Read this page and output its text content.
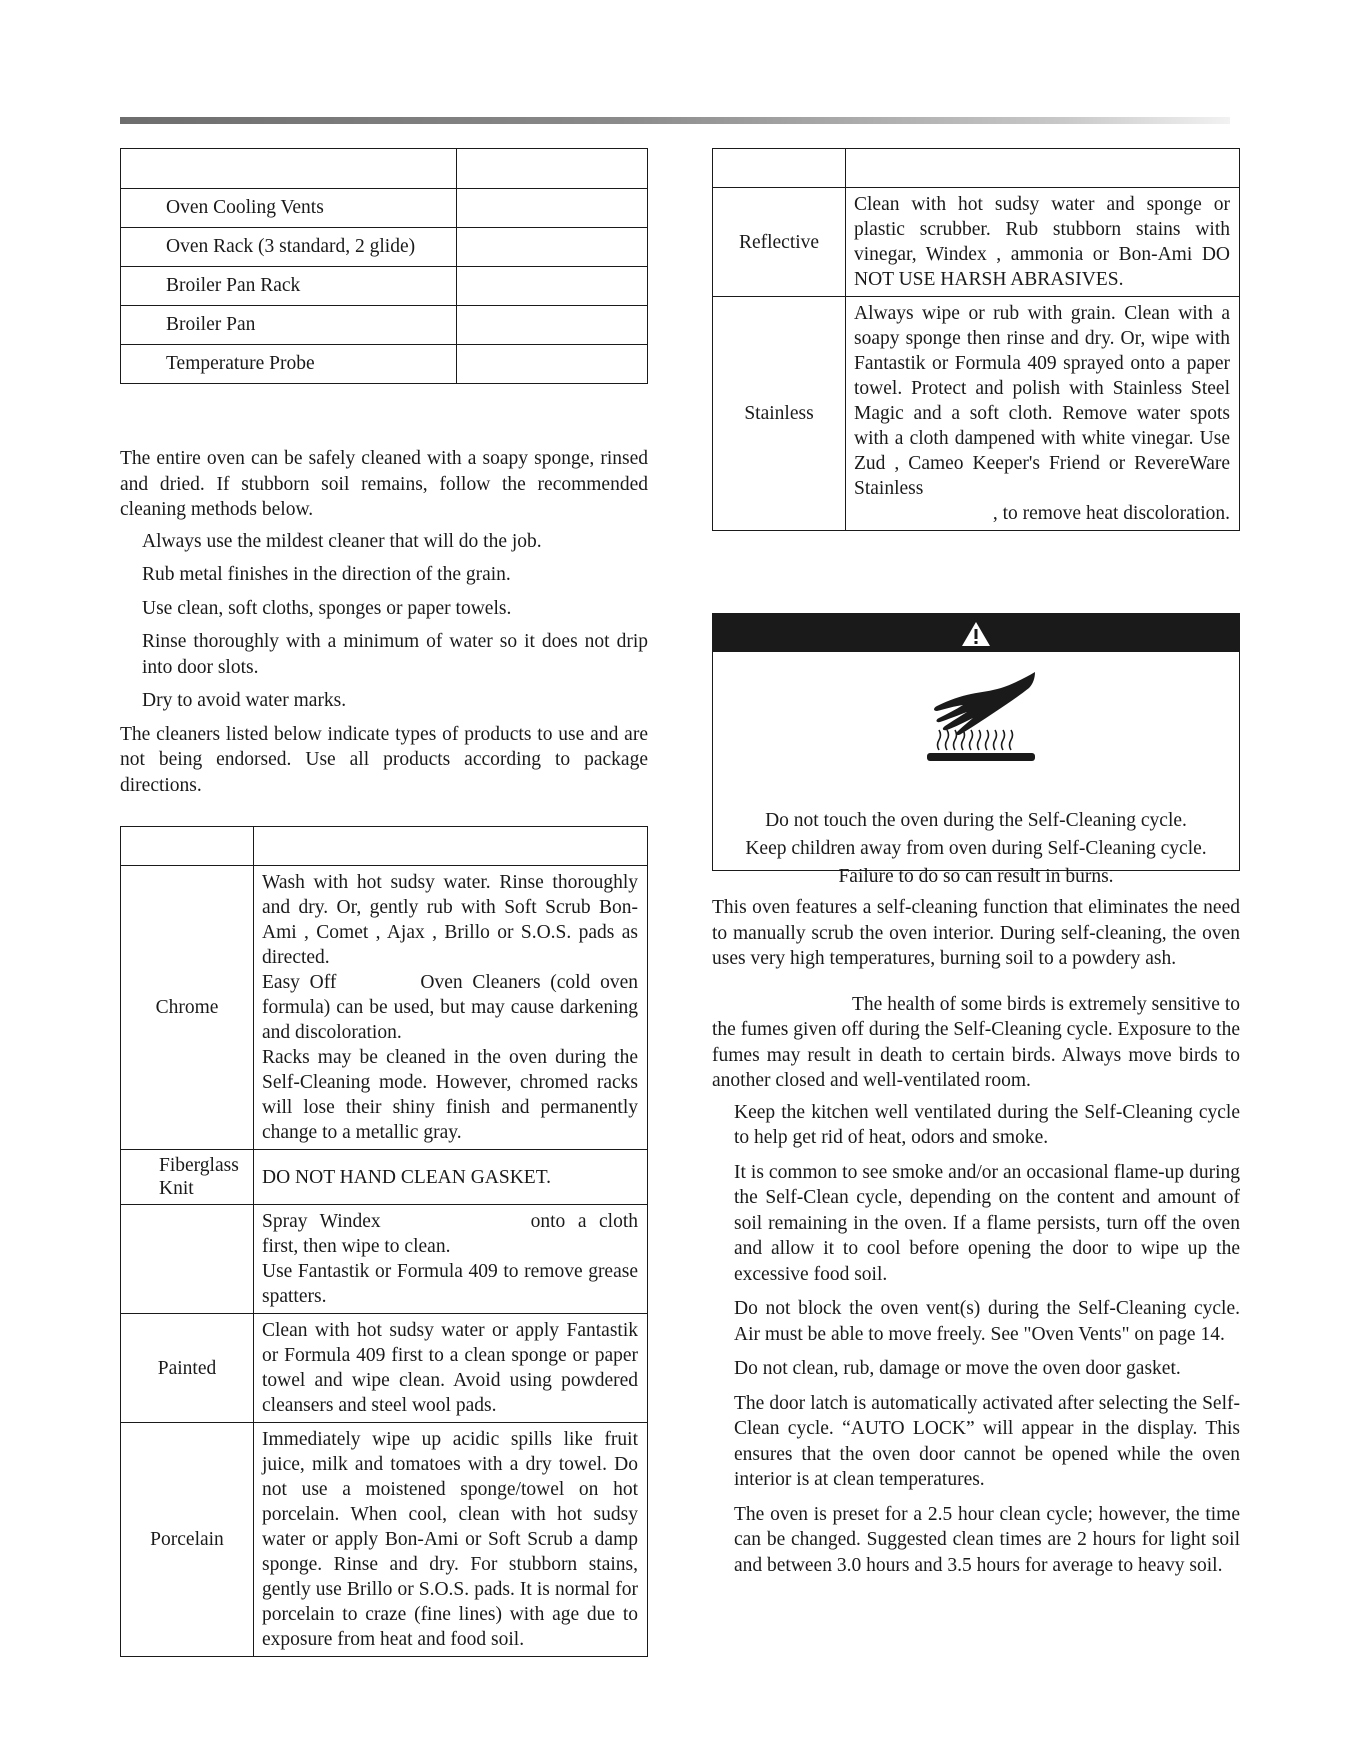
Oven Cooling Vents	
Oven Rack (3 standard, 2 glide)	
Broiler Pan Rack	
Broiler Pan	
Temperature Probe	

The entire oven can be safely cleaned with a soapy sponge, rinsed and dried. If stubborn soil remains, follow the recommended cleaning methods below.

Always use the mildest cleaner that will do the job.
Rub metal finishes in the direction of the grain.
Use clean, soft cloths, sponges or paper towels.
Rinse thoroughly with a minimum of water so it does not drip into door slots.
Dry to avoid water marks.

The cleaners listed below indicate types of products to use and are not being endorsed. Use all products according to package directions.

Chrome	Wash with hot sudsy water. Rinse thoroughly and dry. Or, gently rub with Soft Scrub Bon-Ami , Comet , Ajax , Brillo or S.O.S. pads as directed.

Easy Off Oven Cleaners (cold oven formula) can be used, but may cause darkening and discoloration.

Racks may be cleaned in the oven during the Self-Cleaning mode. However, chromed racks will lose their shiny finish and permanently change to a metallic gray.

Fiberglass Knit	DO NOT HAND CLEAN GASKET.

	Spray Windex onto a cloth first, then wipe to clean.

Use Fantastik or Formula 409 to remove grease spatters.

Painted	Clean with hot sudsy water or apply Fantastik or Formula 409 first to a clean sponge or paper towel and wipe clean. Avoid using powdered cleansers and steel wool pads.
Porcelain	Immediately wipe up acidic spills like fruit juice, milk and tomatoes with a dry towel. Do not use a moistened sponge/towel on hot porcelain. When cool, clean with hot sudsy water or apply Bon-Ami or Soft Scrub a damp sponge. Rinse and dry. For stubborn stains, gently use Brillo or S.O.S. pads. It is normal for porcelain to craze (fine lines) with age due to exposure from heat and food soil.

Reflective	Clean with hot sudsy water and sponge or plastic scrubber. Rub stubborn stains with vinegar, Windex , ammonia or Bon-Ami DO NOT USE HARSH ABRASIVES.
Stainless	Always wipe or rub with grain. Clean with a soapy sponge then rinse and dry. Or, wipe with Fantastik or Formula 409 sprayed onto a paper towel. Protect and polish with Stainless Steel Magic and a soft cloth. Remove water spots with a cloth dampened with white vinegar. Use Zud , Cameo Keeper's Friend or RevereWare Stainless

, to remove heat discoloration.

Do not touch the oven during the Self-Cleaning cycle.
Keep children away from oven during Self-Cleaning cycle.
Failure to do so can result in burns.

This oven features a self-cleaning function that eliminates the need to manually scrub the oven interior. During self-cleaning, the oven uses very high temperatures, burning soil to a powdery ash.

The health of some birds is extremely sensitive to the fumes given off during the Self-Cleaning cycle. Exposure to the fumes may result in death to certain birds. Always move birds to another closed and well-ventilated room.

Keep the kitchen well ventilated during the Self-Cleaning cycle to help get rid of heat, odors and smoke.
It is common to see smoke and/or an occasional flame-up during the Self-Clean cycle, depending on the content and amount of soil remaining in the oven. If a flame persists, turn off the oven and allow it to cool before opening the door to wipe up the excessive food soil.
Do not block the oven vent(s) during the Self-Cleaning cycle. Air must be able to move freely. See "Oven Vents" on page 14.
Do not clean, rub, damage or move the oven door gasket.
The door latch is automatically activated after selecting the Self-Clean cycle. “AUTO LOCK” will appear in the display. This ensures that the oven door cannot be opened while the oven interior is at clean temperatures.
The oven is preset for a 2.5 hour clean cycle; however, the time can be changed. Suggested clean times are 2 hours for light soil and between 3.0 hours and 3.5 hours for average to heavy soil.
